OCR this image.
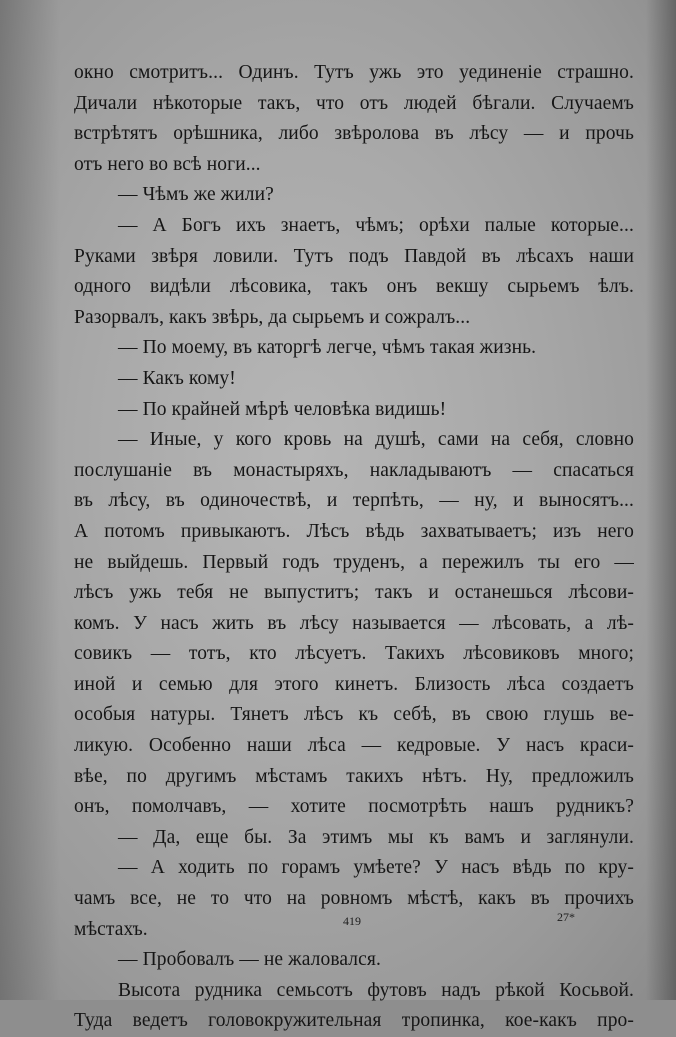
окно смотритъ... Одинъ. Тутъ ужь это уединеніе страшно.
Дичали нѣкоторые такъ, что отъ людей бѣгали. Случаемъ
встрѣтятъ орѣшника, либо звѣролова въ лѣсу — и прочь
отъ него во всѣ ноги...
— Чѣмъ же жили?
— А Богъ ихъ знаетъ, чѣмъ; орѣхи палые которые...
Руками звѣря ловили. Тутъ подъ Павдой въ лѣсахъ наши
одного видѣли лѣсовика, такъ онъ векшу сырьемъ ѣлъ.
Разорвалъ, какъ звѣрь, да сырьемъ и сожралъ...
— По моему, въ каторгѣ легче, чѣмъ такая жизнь.
— Какъ кому!
— По крайней мѣрѣ человѣка видишь!
— Иные, у кого кровь на душѣ, сами на себя, словно
послушаніе въ монастыряхъ, накладываютъ — спасаться
въ лѣсу, въ одиночествѣ, и терпѣть, — ну, и выносятъ...
А потомъ привыкаютъ. Лѣсъ вѣдь захватываетъ; изъ него
не выйдешь. Первый годъ труденъ, а пережилъ ты его —
лѣсъ ужь тебя не выпуститъ; такъ и останешься лѣсови-
комъ. У насъ жить въ лѣсу называется — лѣсовать, а лѣ-
совикъ — тотъ, кто лѣсуетъ. Такихъ лѣсовиковъ много;
иной и семью для этого кинетъ. Близость лѣса создаетъ
особыя натуры. Тянетъ лѣсъ къ себѣ, въ свою глушь ве-
ликую. Особенно наши лѣса — кедровые. У насъ краси-
вѣе, по другимъ мѣстамъ такихъ нѣтъ. Ну, предложилъ
онъ, помолчавъ, — хотите посмотрѣть нашъ рудникъ?
— Да, еще бы. За этимъ мы къ вамъ и заглянули.
— А ходить по горамъ умѣете? У насъ вѣдь по кру-
чамъ все, не то что на ровномъ мѣстѣ, какъ въ прочихъ
мѣстахъ.
— Пробовалъ — не жаловался.
Высота рудника семьсотъ футовъ надъ рѣкой Косьвой.
Туда ведетъ головокружительная тропинка, кое-какъ про-
419	27*
